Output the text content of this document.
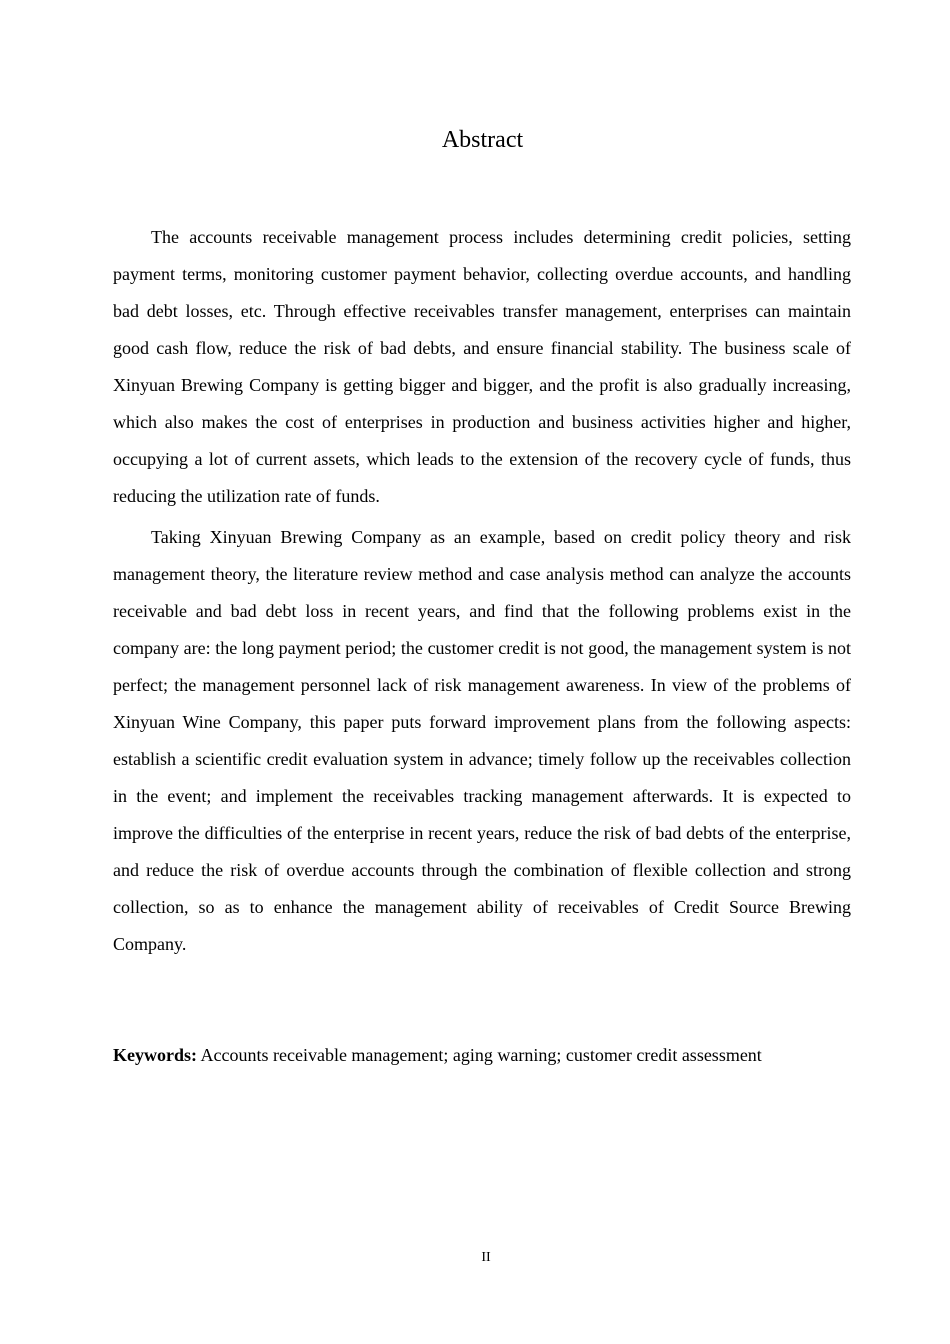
Abstract

The accounts receivable management process includes determining credit policies, setting payment terms, monitoring customer payment behavior, collecting overdue accounts, and handling bad debt losses, etc. Through effective receivables transfer management, enterprises can maintain good cash flow, reduce the risk of bad debts, and ensure financial stability. The business scale of Xinyuan Brewing Company is getting bigger and bigger, and the profit is also gradually increasing, which also makes the cost of enterprises in production and business activities higher and higher, occupying a lot of current assets, which leads to the extension of the recovery cycle of funds, thus reducing the utilization rate of funds.

Taking Xinyuan Brewing Company as an example, based on credit policy theory and risk management theory, the literature review method and case analysis method can analyze the accounts receivable and bad debt loss in recent years, and find that the following problems exist in the company are: the long payment period; the customer credit is not good, the management system is not perfect; the management personnel lack of risk management awareness. In view of the problems of Xinyuan Wine Company, this paper puts forward improvement plans from the following aspects: establish a scientific credit evaluation system in advance; timely follow up the receivables collection in the event; and implement the receivables tracking management afterwards. It is expected to improve the difficulties of the enterprise in recent years, reduce the risk of bad debts of the enterprise, and reduce the risk of overdue accounts through the combination of flexible collection and strong collection, so as to enhance the management ability of receivables of Credit Source Brewing Company.

Keywords: Accounts receivable management; aging warning; customer credit assessment

II
